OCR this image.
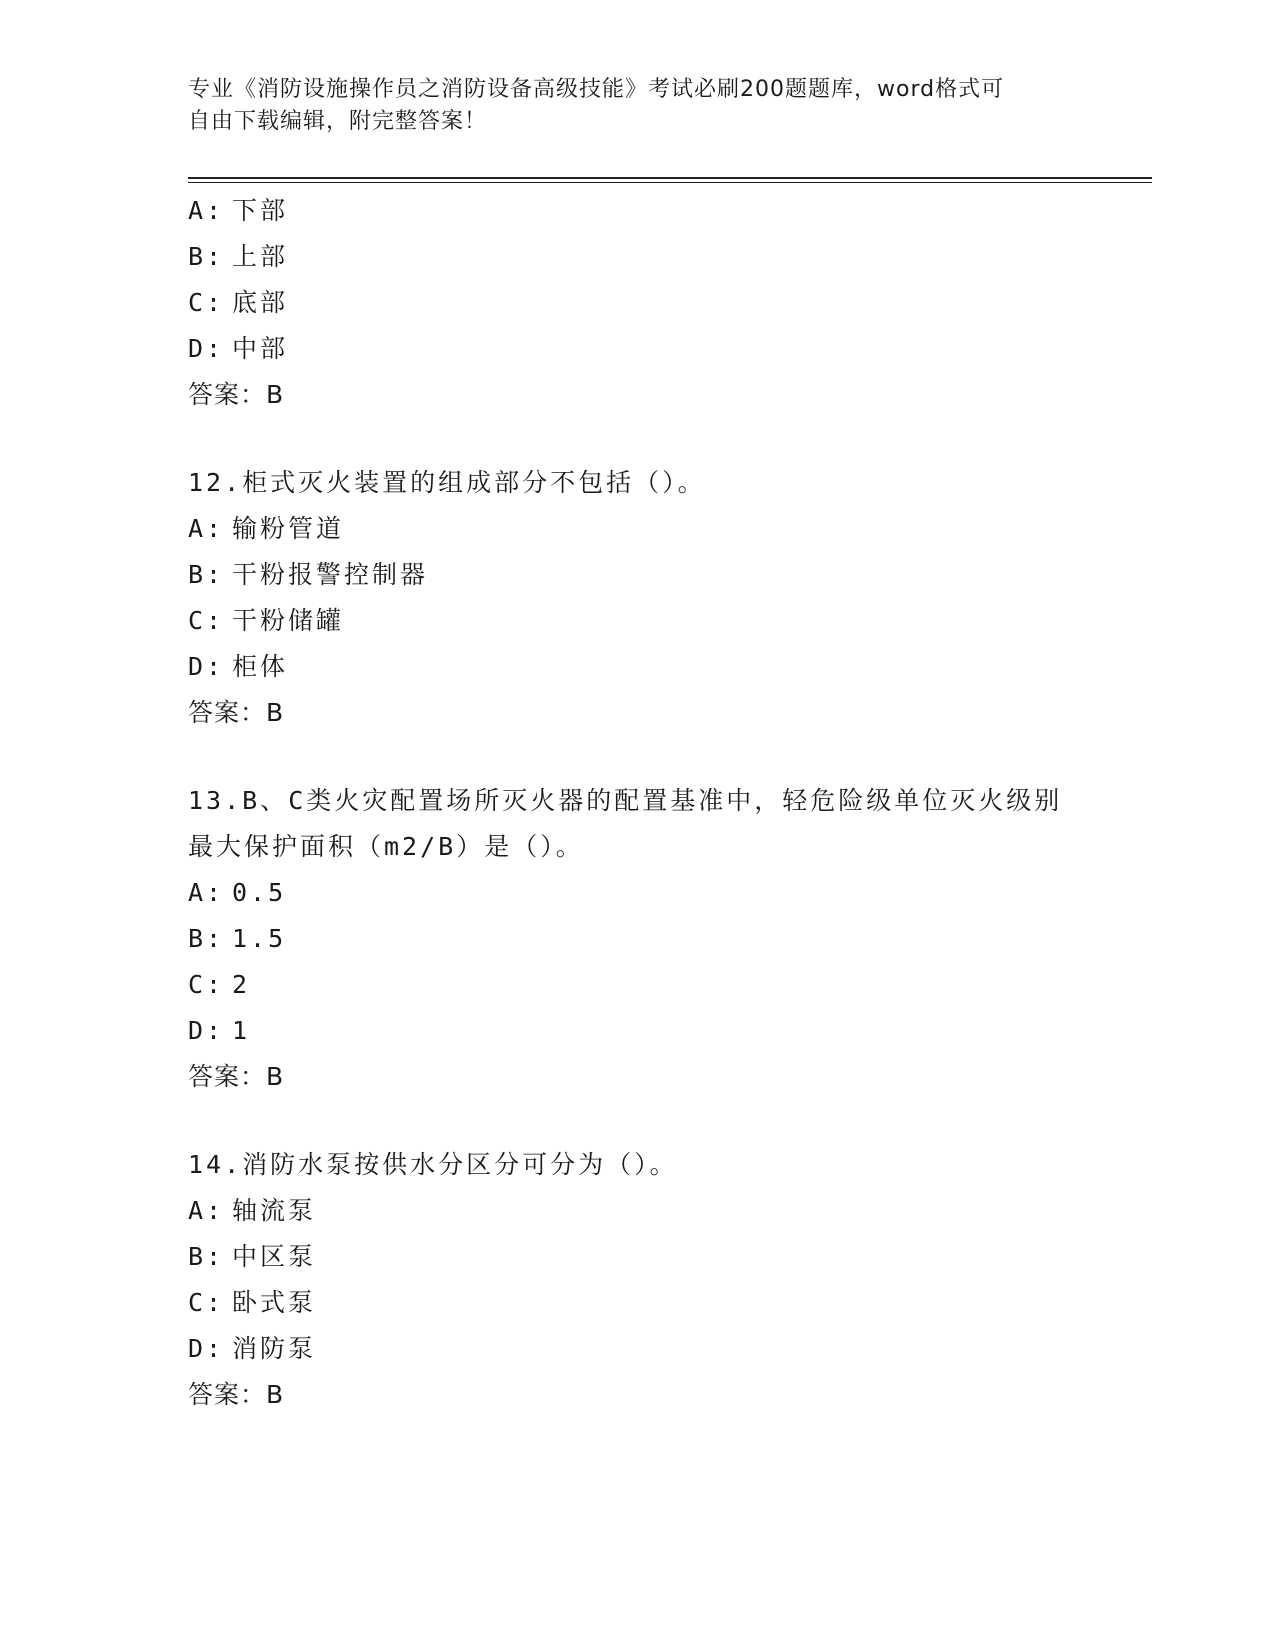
专业《消防设施操作员之消防设备高级技能》考试必刷200题题库，word格式可
自由下载编辑，附完整答案！
A: 下部
B: 上部
C: 底部
D: 中部
答案：B
12.柜式灭火装置的组成部分不包括（）。
A: 输粉管道
B: 干粉报警控制器
C: 干粉储罐
D: 柜体
答案：B
13.B、C类火灾配置场所灭火器的配置基准中，轻危险级单位灭火级别
最大保护面积（m2/B）是（）。
A: 0.5
B: 1.5
C: 2
D: 1
答案：B
14.消防水泵按供水分区分可分为（）。
A: 轴流泵
B: 中区泵
C: 卧式泵
D: 消防泵
答案：B
